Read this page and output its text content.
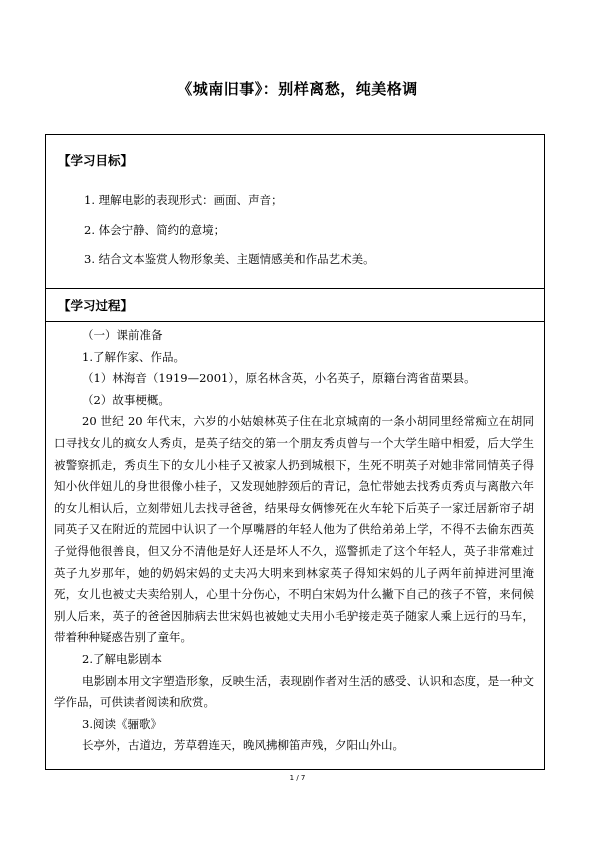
《城南旧事》：别样离愁，纯美格调
【学习目标】
1. 理解电影的表现形式：画面、声音；
2. 体会宁静、简约的意境；
3. 结合文本鉴赏人物形象美、主题情感美和作品艺术美。
【学习过程】
（一）课前准备
1.了解作家、作品。
（1）林海音（1919—2001），原名林含英，小名英子，原籍台湾省苗栗县。
（2）故事梗概。

20 世纪 20 年代末，六岁的小姑娘林英子住在北京城南的一条小胡同里经常痴立在胡同口寻找女儿的疯女人秀贞，是英子结交的第一个朋友秀贞曾与一个大学生暗中相爱，后大学生被警察抓走，秀贞生下的女儿小桂子又被家人扔到城根下，生死不明英子对她非常同情英子得知小伙伴妞儿的身世很像小桂子，又发现她脖颈后的青记，急忙带她去找秀贞秀贞与离散六年的女儿相认后，立刻带妞儿去找寻爸爸，结果母女俩惨死在火车轮下后英子一家迁居新帘子胡同英子又在附近的荒园中认识了一个厚嘴唇的年轻人他为了供给弟弟上学，不得不去偷东西英子觉得他很善良，但又分不清他是好人还是坏人不久，巡警抓走了这个年轻人，英子非常难过英子九岁那年，她的奶妈宋妈的丈夫冯大明来到林家英子得知宋妈的儿子两年前掉进河里淹死，女儿也被丈夫卖给别人，心里十分伤心，不明白宋妈为什么撇下自己的孩子不管，来伺候别人后来，英子的爸爸因肺病去世宋妈也被她丈夫用小毛驴接走英子随家人乘上远行的马车，带着种种疑惑告别了童年。

2.了解电影剧本

电影剧本用文字塑造形象，反映生活，表现剧作者对生活的感受、认识和态度，是一种文学作品，可供读者阅读和欣赏。

3.阅读《骊歌》
长亭外，古道边，芳草碧连天，晚风拂柳笛声残，夕阳山外山。
1 / 7
